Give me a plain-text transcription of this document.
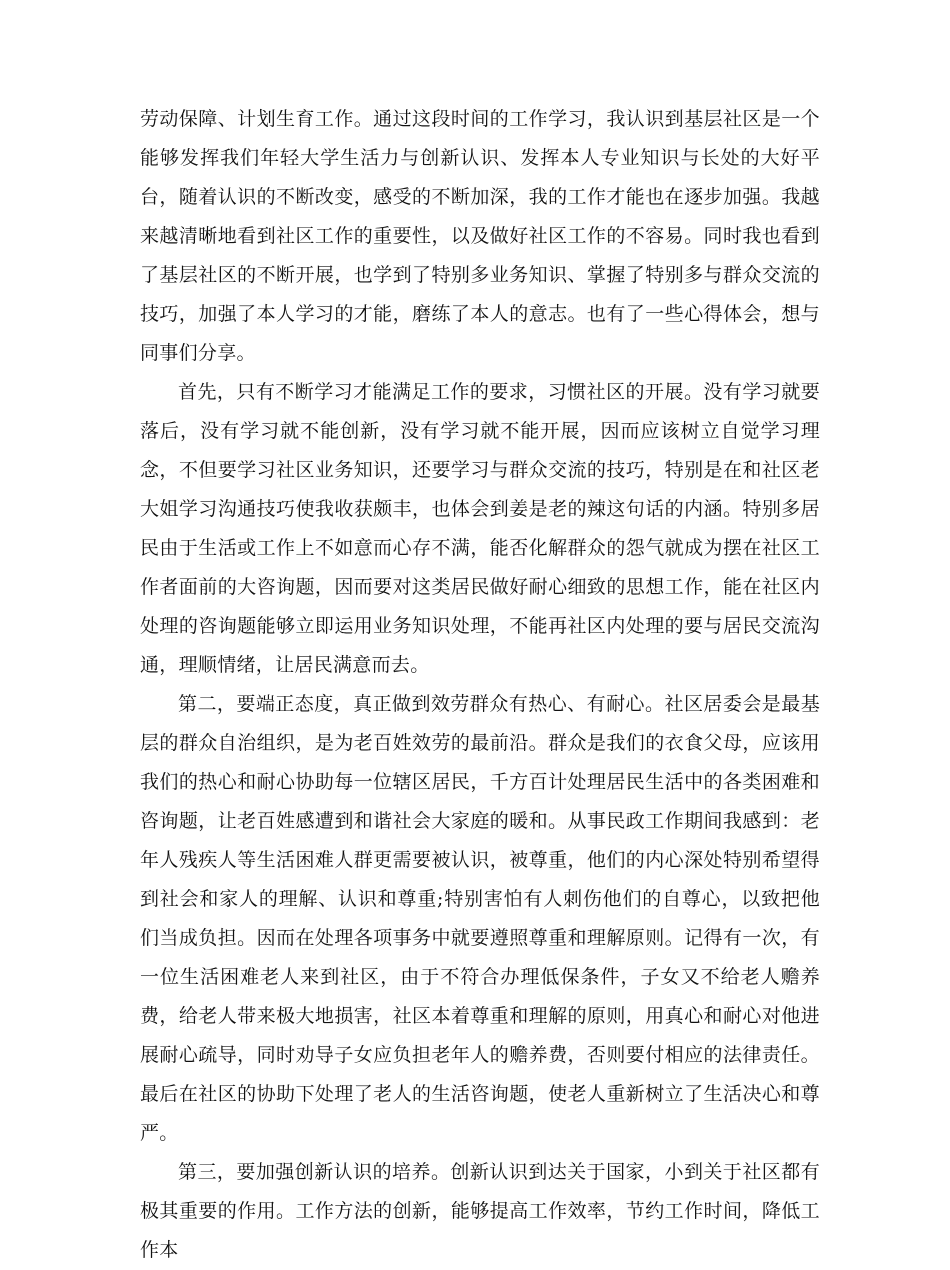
劳动保障、计划生育工作。通过这段时间的工作学习，我认识到基层社区是一个能够发挥我们年轻大学生活力与创新认识、发挥本人专业知识与长处的大好平台，随着认识的不断改变，感受的不断加深，我的工作才能也在逐步加强。我越来越清晰地看到社区工作的重要性，以及做好社区工作的不容易。同时我也看到了基层社区的不断开展，也学到了特别多业务知识、掌握了特别多与群众交流的技巧，加强了本人学习的才能，磨练了本人的意志。也有了一些心得体会，想与同事们分享。

首先，只有不断学习才能满足工作的要求，习惯社区的开展。没有学习就要落后，没有学习就不能创新，没有学习就不能开展，因而应该树立自觉学习理念，不但要学习社区业务知识，还要学习与群众交流的技巧，特别是在和社区老大姐学习沟通技巧使我收获颇丰，也体会到姜是老的辣这句话的内涵。特别多居民由于生活或工作上不如意而心存不满，能否化解群众的怨气就成为摆在社区工作者面前的大咨询题，因而要对这类居民做好耐心细致的思想工作，能在社区内处理的咨询题能够立即运用业务知识处理，不能再社区内处理的要与居民交流沟通，理顺情绪，让居民满意而去。

第二，要端正态度，真正做到效劳群众有热心、有耐心。社区居委会是最基层的群众自治组织，是为老百姓效劳的最前沿。群众是我们的衣食父母，应该用我们的热心和耐心协助每一位辖区居民，千方百计处理居民生活中的各类困难和咨询题，让老百姓感遭到和谐社会大家庭的暖和。从事民政工作期间我感到：老年人残疾人等生活困难人群更需要被认识，被尊重，他们的内心深处特别希望得到社会和家人的理解、认识和尊重;特别害怕有人刺伤他们的自尊心，以致把他们当成负担。因而在处理各项事务中就要遵照尊重和理解原则。记得有一次，有一位生活困难老人来到社区，由于不符合办理低保条件，子女又不给老人赡养费，给老人带来极大地损害，社区本着尊重和理解的原则，用真心和耐心对他进展耐心疏导，同时劝导子女应负担老年人的赡养费，否则要付相应的法律责任。最后在社区的协助下处理了老人的生活咨询题，使老人重新树立了生活决心和尊严。

第三，要加强创新认识的培养。创新认识到达关于国家，小到关于社区都有极其重要的作用。工作方法的创新，能够提高工作效率，节约工作时间，降低工作本
